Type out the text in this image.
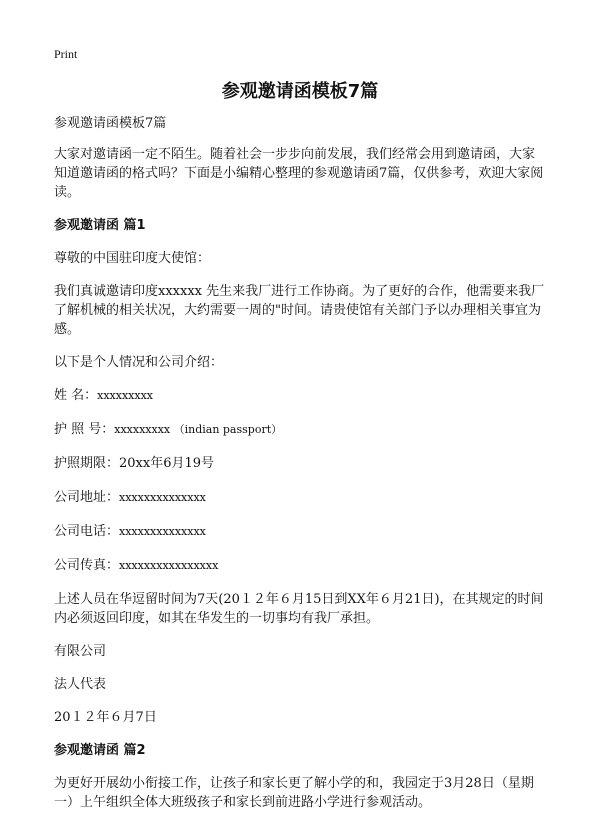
Print
参观邀请函模板7篇
参观邀请函模板7篇
大家对邀请函一定不陌生。随着社会一步步向前发展，我们经常会用到邀请函，大家知道邀请函的格式吗？下面是小编精心整理的参观邀请函7篇，仅供参考，欢迎大家阅读。
参观邀请函 篇1
尊敬的中国驻印度大使馆：
我们真诚邀请印度xxxxxx 先生来我厂进行工作协商。为了更好的合作，他需要来我厂了解机械的相关状况，大约需要一周的"时间。请贵使馆有关部门予以办理相关事宜为感。
以下是个人情况和公司介绍：
姓 名：xxxxxxxxx
护 照 号：xxxxxxxxx （indian passport）
护照期限：20xx年6月19号
公司地址：xxxxxxxxxxxxxx
公司电话：xxxxxxxxxxxxxx
公司传真：xxxxxxxxxxxxxxxx
上述人员在华逗留时间为7天(20１２年６月15日到XX年６月21日)，在其规定的时间内必须返回印度，如其在华发生的一切事均有我厂承担。
有限公司
法人代表
20１２年６月7日
参观邀请函 篇2
为更好开展幼小衔接工作，让孩子和家长更了解小学的和，我园定于3月28日（星期一）上午组织全体大班级孩子和家长到前进路小学进行参观活动。
